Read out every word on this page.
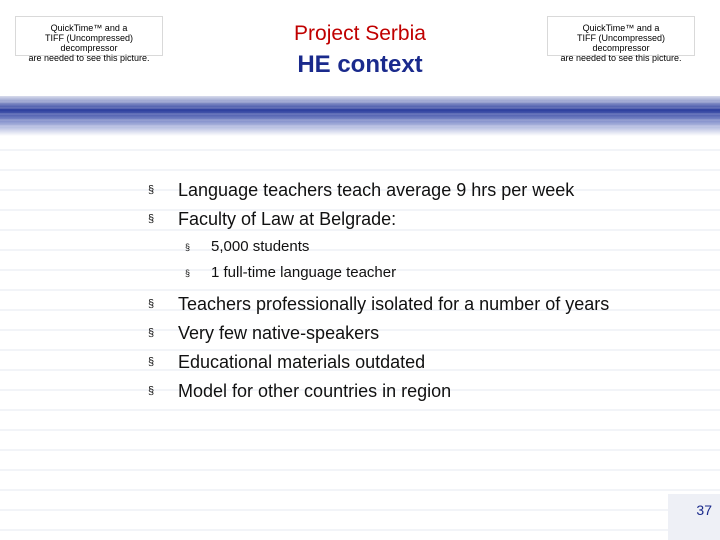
QuickTime™ and a
TIFF (Uncompressed) decompressor
are needed to see this picture.
QuickTime™ and a
TIFF (Uncompressed) decompressor
are needed to see this picture.
Project Serbia
HE context
§ Language teachers teach average 9 hrs per week
§ Faculty of Law at Belgrade:
§ 5,000 students
§ 1 full-time language teacher
§ Teachers professionally isolated for a number of years
§ Very few native-speakers
§ Educational materials outdated
§ Model for other countries in region
37
